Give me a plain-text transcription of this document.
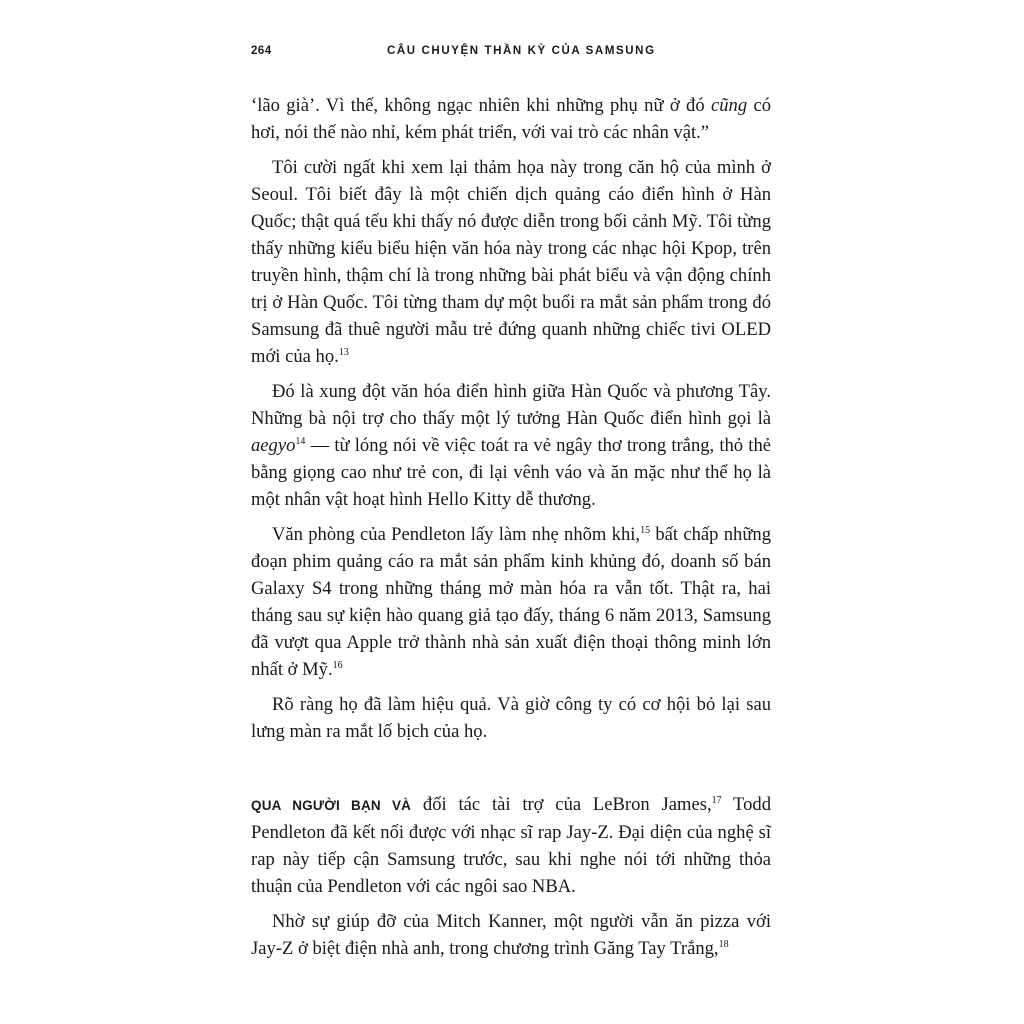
264	CÂU CHUYỆN THẦN KỲ CỦA SAMSUNG

‘lão già’. Vì thế, không ngạc nhiên khi những phụ nữ ở đó cũng có hơi, nói thế nào nhỉ, kém phát triển, với vai trò các nhân vật.”

Tôi cười ngất khi xem lại thảm họa này trong căn hộ của mình ở Seoul. Tôi biết đây là một chiến dịch quảng cáo điển hình ở Hàn Quốc; thật quá tếu khi thấy nó được diễn trong bối cảnh Mỹ. Tôi từng thấy những kiểu biểu hiện văn hóa này trong các nhạc hội Kpop, trên truyền hình, thậm chí là trong những bài phát biểu và vận động chính trị ở Hàn Quốc. Tôi từng tham dự một buổi ra mắt sản phẩm trong đó Samsung đã thuê người mẫu trẻ đứng quanh những chiếc tivi OLED mới của họ.$^{13}$

Đó là xung đột văn hóa điển hình giữa Hàn Quốc và phương Tây. Những bà nội trợ cho thấy một lý tưởng Hàn Quốc điển hình gọi là aegyo$^{14}$ — từ lóng nói về việc toát ra vẻ ngây thơ trong trắng, thỏ thẻ bằng giọng cao như trẻ con, đi lại vênh váo và ăn mặc như thể họ là một nhân vật hoạt hình Hello Kitty dễ thương.

Văn phòng của Pendleton lấy làm nhẹ nhõm khi,$^{15}$ bất chấp những đoạn phim quảng cáo ra mắt sản phẩm kinh khủng đó, doanh số bán Galaxy S4 trong những tháng mở màn hóa ra vẫn tốt. Thật ra, hai tháng sau sự kiện hào quang giả tạo đấy, tháng 6 năm 2013, Samsung đã vượt qua Apple trở thành nhà sản xuất điện thoại thông minh lớn nhất ở Mỹ.$^{16}$

Rõ ràng họ đã làm hiệu quả. Và giờ công ty có cơ hội bỏ lại sau lưng màn ra mắt lố bịch của họ.

QUA NGƯỜI BẠN VÀ đối tác tài trợ của LeBron James,$^{17}$ Todd Pendleton đã kết nối được với nhạc sĩ rap Jay-Z. Đại diện của nghệ sĩ rap này tiếp cận Samsung trước, sau khi nghe nói tới những thỏa thuận của Pendleton với các ngôi sao NBA.

Nhờ sự giúp đỡ của Mitch Kanner, một người vẫn ăn pizza với Jay-Z ở biệt điện nhà anh, trong chương trình Găng Tay Trắng,$^{18}$
